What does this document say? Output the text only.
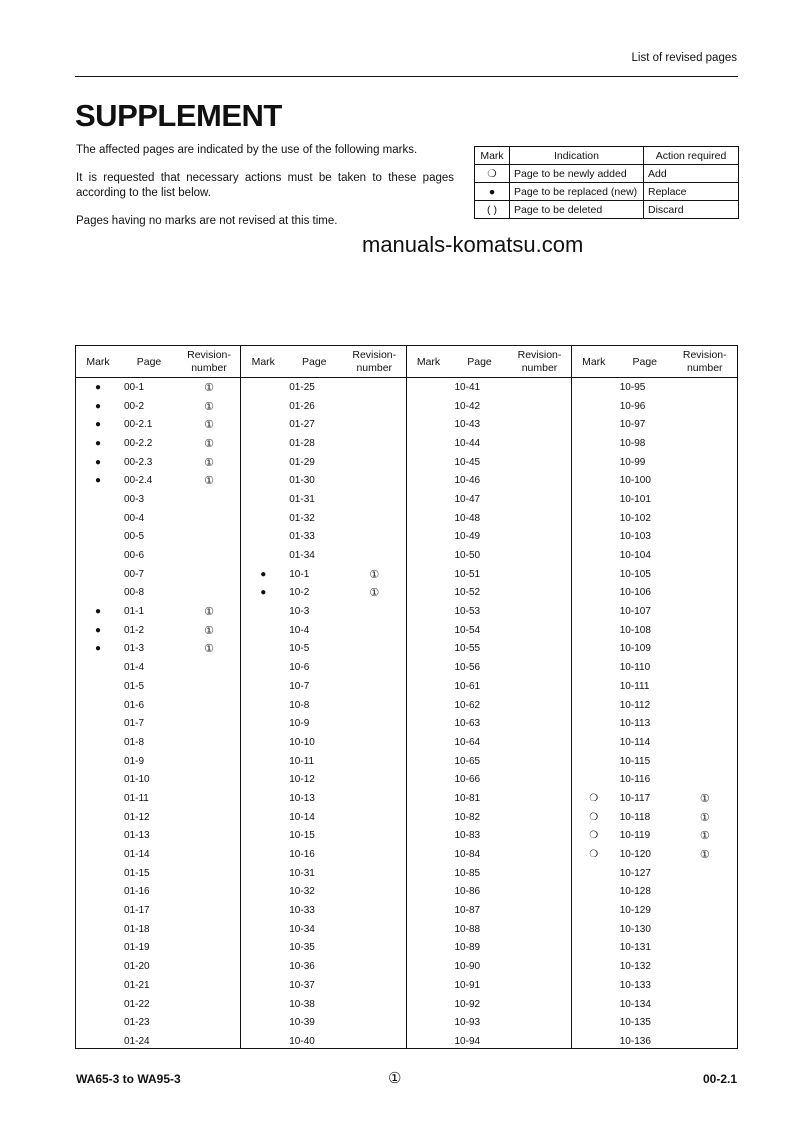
List of revised pages
SUPPLEMENT

The affected pages are indicated by the use of the following marks.

It is requested that necessary actions must be taken to these pages according to the list below.

Pages having no marks are not revised at this time.

manuals-komatsu.com
Mark	Indication	Action required
❍	Page to be newly added	Add
●	Page to be replaced (new)	Replace
( )	Page to be deleted	Discard
Mark	Page
Revision-
number
●	00-1	①
●	00-2	①
●	00-2.1	①
●	00-2.2	①
●	00-2.3	①
●	00-2.4	①
00-3
00-4
00-5
00-6
00-7
00-8
●	01-1	①
●	01-2	①
●	01-3	①
01-4
01-5
01-6
01-7
01-8
01-9
01-10
01-11
01-12
01-13
01-14
01-15
01-16
01-17
01-18
01-19
01-20
01-21
01-22
01-23
01-24
Mark	Page
Revision-
number
01-25
01-26
01-27
01-28
01-29
01-30
01-31
01-32
01-33
01-34
●	10-1	①
●	10-2	①
10-3
10-4
10-5
10-6
10-7
10-8
10-9
10-10
10-11
10-12
10-13
10-14
10-15
10-16
10-31
10-32
10-33
10-34
10-35
10-36
10-37
10-38
10-39
10-40
Mark	Page
Revision-
number
10-41
10-42
10-43
10-44
10-45
10-46
10-47
10-48
10-49
10-50
10-51
10-52
10-53
10-54
10-55
10-56
10-61
10-62
10-63
10-64
10-65
10-66
10-81
10-82
10-83
10-84
10-85
10-86
10-87
10-88
10-89
10-90
10-91
10-92
10-93
10-94
Mark	Page
Revision-
number
10-95
10-96
10-97
10-98
10-99
10-100
10-101
10-102
10-103
10-104
10-105
10-106
10-107
10-108
10-109
10-110
10-111
10-112
10-113
10-114
10-115
10-116
❍	10-117	①
❍	10-118	①
❍	10-119	①
❍	10-120	①
10-127
10-128
10-129
10-130
10-131
10-132
10-133
10-134
10-135
10-136
WA65-3 to WA95-3	①	00-2.1
